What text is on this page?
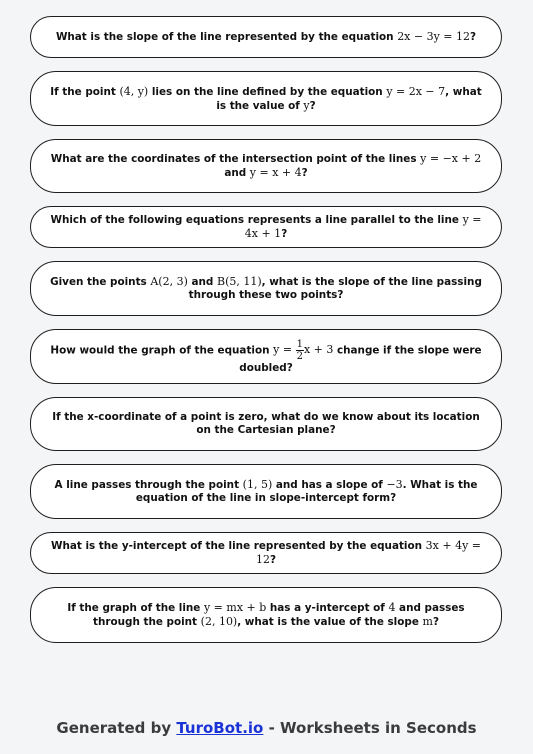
What is the slope of the line represented by the equation 2x − 3y = 12?
If the point (4, y) lies on the line defined by the equation y = 2x − 7, what is the value of y?
What are the coordinates of the intersection point of the lines y = −x + 2 and y = x + 4?
Which of the following equations represents a line parallel to the line y = 4x + 1?
Given the points A(2, 3) and B(5, 11), what is the slope of the line passing through these two points?
How would the graph of the equation $y = \frac{1}{2}$ x + 3 change if the slope were doubled?
If the x-coordinate of a point is zero, what do we know about its location on the Cartesian plane?
A line passes through the point (1, 5) and has a slope of −3. What is the equation of the line in slope-intercept form?
What is the y-intercept of the line represented by the equation 3x + 4y = 12?
If the graph of the line y = mx + b has a y-intercept of 4 and passes through the point (2, 10), what is the value of the slope m?
Generated by TuroBot.io - Worksheets in Seconds
